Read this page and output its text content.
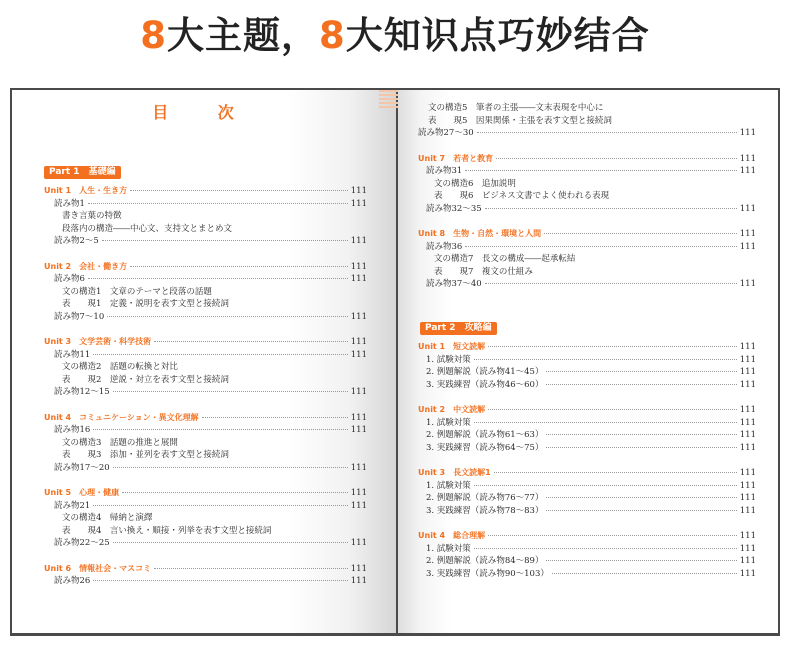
8大主题，8大知识点巧妙结合
目 次
Part 1　基礎編
Unit 1　人生・生き方	111
読み物1	111
書き言葉の特徴
段落内の構造――中心文、支持文とまとめ文
読み物2～5	111
Unit 2　会社・働き方	111
読み物6	111
文の構造1　文章のテーマと段落の話題
表　　現1　定義・説明を表す文型と接続詞
読み物7～10	111
Unit 3　文学芸術・科学技術	111
読み物11	111
文の構造2　話題の転換と対比
表　　現2　逆説・対立を表す文型と接続詞
読み物12～15	111
Unit 4　コミュニケーション・異文化理解	111
読み物16	111
文の構造3　話題の推進と展開
表　　現3　添加・並列を表す文型と接続詞
読み物17～20	111
Unit 5　心理・健康	111
読み物21	111
文の構造4　帰納と演繹
表　　現4　言い換え・順接・列挙を表す文型と接続詞
読み物22～25	111
Unit 6　情報社会・マスコミ	111
読み物26	111
文の構造5　筆者の主張――文末表現を中心に
表　　現5　因果関係・主張を表す文型と接続詞
読み物27～30	111
Unit 7　若者と教育	111
読み物31	111
文の構造6　追加説明
表　　現6　ビジネス文書でよく使われる表現
読み物32～35	111
Unit 8　生物・自然・環境と人間	111
読み物36	111
文の構造7　長文の構成――起承転結
表　　現7　複文の仕組み
読み物37～40	111
Part 2　攻略編
Unit 1　短文読解	111
1. 試験対策	111
2. 例題解説（読み物41～45）	111
3. 実践練習（読み物46～60）	111
Unit 2　中文読解	111
1. 試験対策	111
2. 例題解説（読み物61～63）	111
3. 実践練習（読み物64～75）	111
Unit 3　長文読解1	111
1. 試験対策	111
2. 例題解説（読み物76～77）	111
3. 実践練習（読み物78～83）	111
Unit 4　総合理解	111
1. 試験対策	111
2. 例題解説（読み物84～89）	111
3. 実践練習（読み物90～103）	111
